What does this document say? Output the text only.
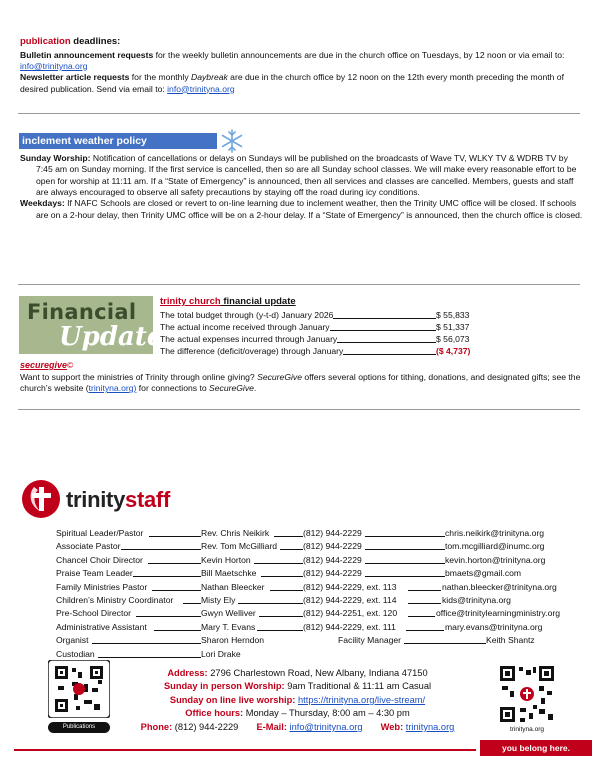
publication deadlines:

Bulletin announcement requests for the weekly bulletin announcements are due in the church office on Tuesdays, by 12 noon or via email to: info@trinityna.org

Newsletter article requests for the monthly Daybreak are due in the church office by 12 noon on the 12th every month preceding the month of desired publication. Send via email to: info@trinityna.org

inclement weather policy

Sunday Worship: Notification of cancellations or delays on Sundays will be published on the broadcasts of Wave TV, WLKY TV & WDRB TV by 7:45 am on Sunday morning. If the first service is cancelled, then so are all Sunday school classes. We will make every reasonable effort to be open for worship at 11:11 am. If a “State of Emergency” is announced, then all services and classes are cancelled. Members, guests and staff are always encouraged to observe all safety precautions by staying off the road during icy conditions.

Weekdays: If NAFC Schools are closed or revert to on-line learning due to inclement weather, then the Trinity UMC office will be closed. If schools are on a 2-hour delay, then Trinity UMC office will be on a 2-hour delay. If a “State of Emergency” is announced, then the church office is closed.

Financial
Update
trinity church financial update
The total budget through (y-t-d) January 2026	$ 55,833
The actual income received through January	$ 51,337
The actual expenses incurred through January	$ 56,073
The difference (deficit/overage) through January	($ 4,737)
securegive©

Want to support the ministries of Trinity through online giving? SecureGive offers several options for tithing, donations, and designated gifts; see the church’s website (trinityna.org) for connections to SecureGive.

trinitystaff
Spiritual Leader/Pastor	Rev. Chris Neikirk	(812) 944-2229	chris.neikirk@trinityna.org
Associate Pastor	Rev. Tom McGilliard	(812) 944-2229	tom.mcgilliard@inumc.org
Chancel Choir Director	Kevin Horton	(812) 944-2229	kevin.horton@trinityna.org
Praise Team Leader	Bill Maetschke	(812) 944-2229	bmaets@gmail.com
Family Ministries Pastor	Nathan Bleecker	(812) 944-2229, ext. 113	nathan.bleecker@trinityna.org
Children’s Ministry Coordinator	Misty Ely	(812) 944-2229, ext. 114	kids@trinityna.org
Pre-School Director	Gwyn Welliver	(812) 944-2251, ext. 120	office@trinitylearningministry.org
Administrative Assistant	Mary T. Evans	(812) 944-2229, ext. 111	mary.evans@trinityna.org
Organist	Sharon Herndon	Facility Manager	Keith Shantz
Custodian	Lori Drake
Publications
Address: 2796 Charlestown Road, New Albany, Indiana 47150
Sunday in person Worship: 9am Traditional & 11:11 am Casual
Sunday on line live worship: https://trinityna.org/live-stream/
Office hours: Monday – Thursday, 8:00 am – 4:30 pm
Phone: (812) 944-2229 E-Mail: info@trinityna.org Web: trinityna.org	trinityna.org
you belong here.
